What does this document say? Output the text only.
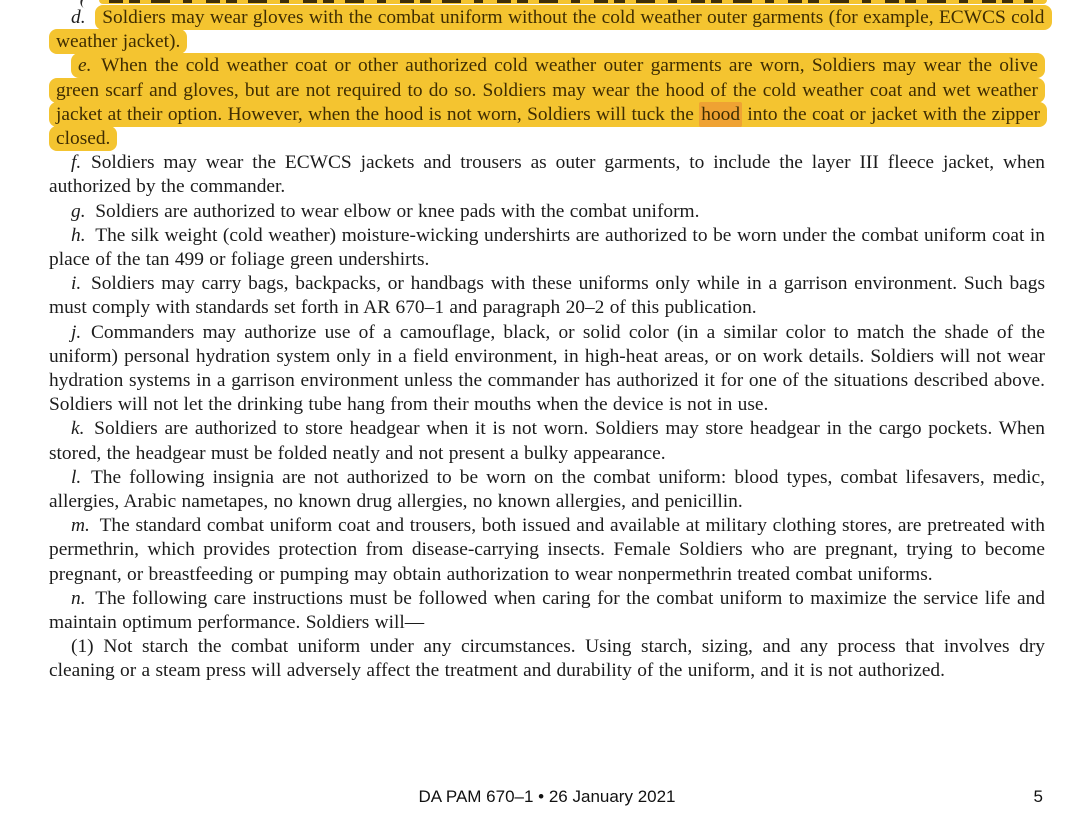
d.  Soldiers may wear gloves with the combat uniform without the cold weather outer garments (for example, ECWCS cold weather jacket).
e.  When the cold weather coat or other authorized cold weather outer garments are worn, Soldiers may wear the olive green scarf and gloves, but are not required to do so. Soldiers may wear the hood of the cold weather coat and wet weather jacket at their option. However, when the hood is not worn, Soldiers will tuck the hood into the coat or jacket with the zipper closed.
f.  Soldiers may wear the ECWCS jackets and trousers as outer garments, to include the layer III fleece jacket, when authorized by the commander.
g.  Soldiers are authorized to wear elbow or knee pads with the combat uniform.
h.  The silk weight (cold weather) moisture-wicking undershirts are authorized to be worn under the combat uniform coat in place of the tan 499 or foliage green undershirts.
i.  Soldiers may carry bags, backpacks, or handbags with these uniforms only while in a garrison environment. Such bags must comply with standards set forth in AR 670–1 and paragraph 20–2 of this publication.
j.  Commanders may authorize use of a camouflage, black, or solid color (in a similar color to match the shade of the uniform) personal hydration system only in a field environment, in high-heat areas, or on work details. Soldiers will not wear hydration systems in a garrison environment unless the commander has authorized it for one of the situations described above. Soldiers will not let the drinking tube hang from their mouths when the device is not in use.
k.  Soldiers are authorized to store headgear when it is not worn. Soldiers may store headgear in the cargo pockets. When stored, the headgear must be folded neatly and not present a bulky appearance.
l.  The following insignia are not authorized to be worn on the combat uniform: blood types, combat lifesavers, medic, allergies, Arabic nametapes, no known drug allergies, no known allergies, and penicillin.
m.  The standard combat uniform coat and trousers, both issued and available at military clothing stores, are pretreated with permethrin, which provides protection from disease-carrying insects. Female Soldiers who are pregnant, trying to become pregnant, or breastfeeding or pumping may obtain authorization to wear nonpermethrin treated combat uniforms.
n.  The following care instructions must be followed when caring for the combat uniform to maximize the service life and maintain optimum performance. Soldiers will—
(1)  Not starch the combat uniform under any circumstances. Using starch, sizing, and any process that involves dry cleaning or a steam press will adversely affect the treatment and durability of the uniform, and it is not authorized.
DA PAM 670–1 • 26 January 2021	5
